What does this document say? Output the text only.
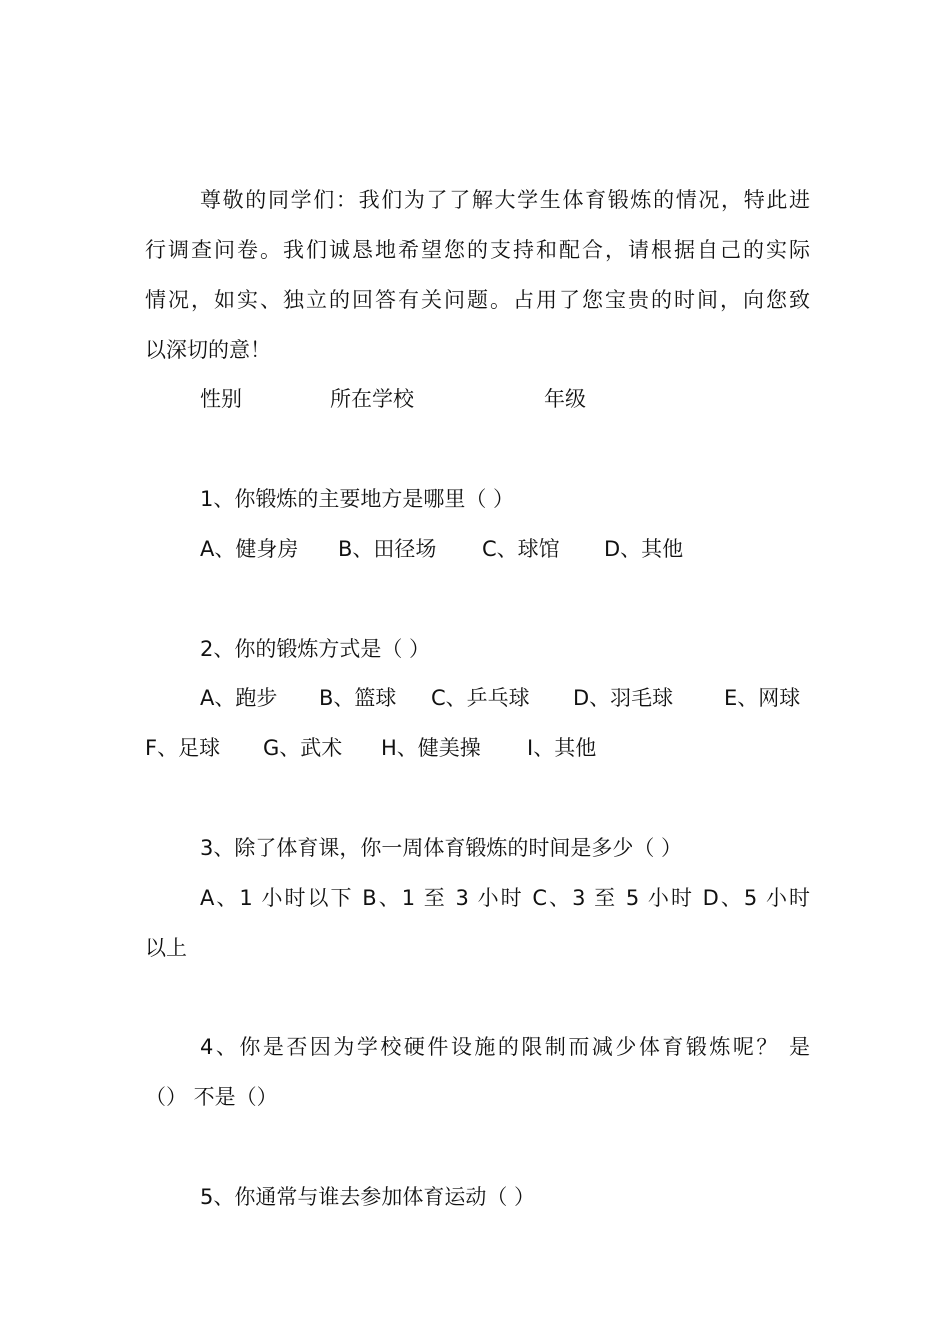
尊敬的同学们：我们为了了解大学生体育锻炼的情况，特此进
行调查问卷。我们诚恳地希望您的支持和配合，请根据自己的实际
情况，如实、独立的回答有关问题。占用了您宝贵的时间，向您致
以深切的意！
性别	所在学校	年级
1、你锻炼的主要地方是哪里（ ）
A、健身房 B、田径场 C、球馆 D、其他
2、你的锻炼方式是（ ）
A、跑步 B、篮球 C、乒乓球 D、羽毛球 E、网球
F、足球 G、武术 H、健美操 I、其他
3、除了体育课，你一周体育锻炼的时间是多少（ ）
A、1 小时以下 B、1 至 3 小时 C、3 至 5 小时 D、5 小时
以上
4、你是否因为学校硬件设施的限制而减少体育锻炼呢？ 是
（） 不是（）
5、你通常与谁去参加体育运动（ ）
